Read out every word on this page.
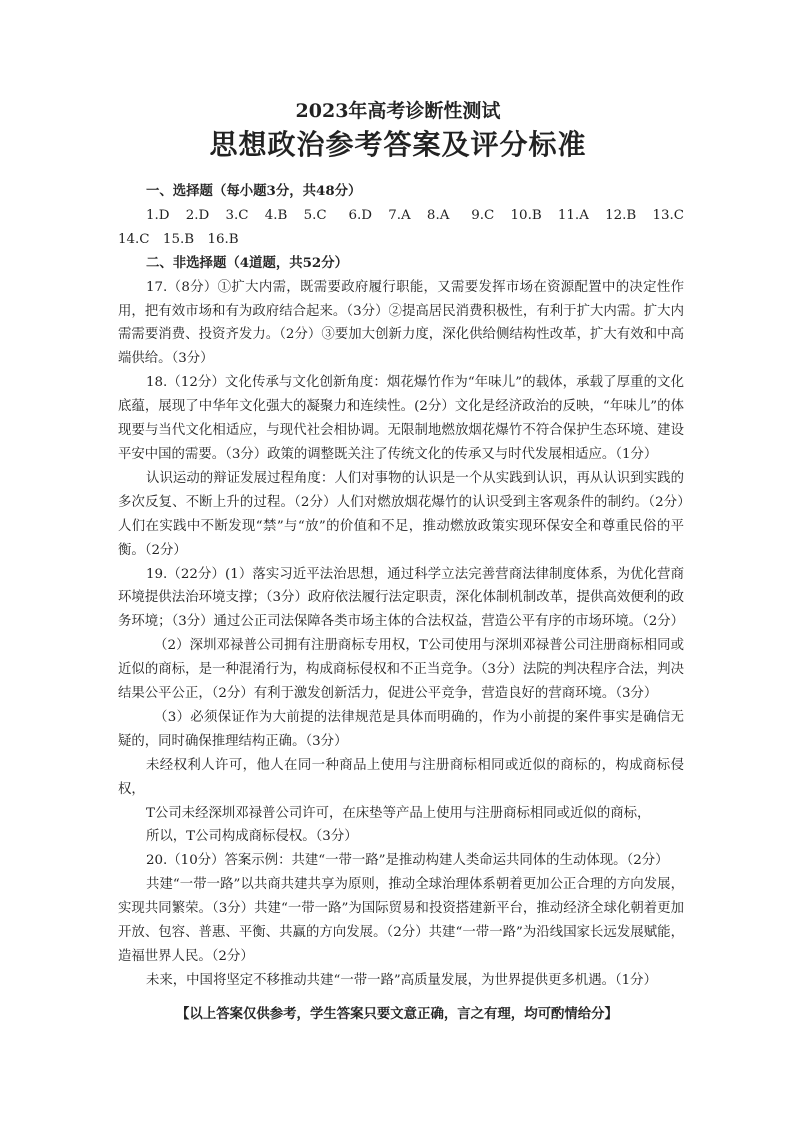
2023年高考诊断性测试
思想政治参考答案及评分标准

一、选择题（每小题3分，共48分）

1.D　2.D　3.C　4.B　5.C　 6.D　7.A　8.A　 9.C　10.B　11.A　12.B　13.C　14.C　15.B　16.B

二、非选择题（4道题，共52分）

17.（8分）①扩大内需，既需要政府履行职能，又需要发挥市场在资源配置中的决定性作用，把有效市场和有为政府结合起来。（3分）②提高居民消费积极性，有利于扩大内需。扩大内需需要消费、投资齐发力。（2分）③要加大创新力度，深化供给侧结构性改革，扩大有效和中高端供给。（3分）

18.（12分）文化传承与文化创新角度：烟花爆竹作为“年味儿”的载体，承载了厚重的文化底蕴，展现了中华年文化强大的凝聚力和连续性。(2分）文化是经济政治的反映，“年味儿”的体现要与当代文化相适应，与现代社会相协调。无限制地燃放烟花爆竹不符合保护生态环境、建设平安中国的需要。（3分）政策的调整既关注了传统文化的传承又与时代发展相适应。（1分）

认识运动的辩证发展过程角度：人们对事物的认识是一个从实践到认识，再从认识到实践的多次反复、不断上升的过程。（2分）人们对燃放烟花爆竹的认识受到主客观条件的制约。（2分）人们在实践中不断发现“禁”与“放”的价值和不足，推动燃放政策实现环保安全和尊重民俗的平衡。（2分）

19.（22分）(1）落实习近平法治思想，通过科学立法完善营商法律制度体系，为优化营商环境提供法治环境支撑；（3分）政府依法履行法定职责，深化体制机制改革，提供高效便利的政务环境；（3分）通过公正司法保障各类市场主体的合法权益，营造公平有序的市场环境。（2分）

（2）深圳邓禄普公司拥有注册商标专用权，T公司使用与深圳邓禄普公司注册商标相同或近似的商标，是一种混淆行为，构成商标侵权和不正当竞争。（3分）法院的判决程序合法，判决结果公平公正，（2分）有利于激发创新活力，促进公平竞争，营造良好的营商环境。（3分）

（3）必须保证作为大前提的法律规范是具体而明确的，作为小前提的案件事实是确信无疑的，同时确保推理结构正确。（3分）

未经权利人许可，他人在同一种商品上使用与注册商标相同或近似的商标的，构成商标侵权，

T公司未经深圳邓禄普公司许可，在床垫等产品上使用与注册商标相同或近似的商标，

所以，T公司构成商标侵权。（3分）

20.（10分）答案示例：共建“一带一路”是推动构建人类命运共同体的生动体现。（2分）

共建“一带一路”以共商共建共享为原则，推动全球治理体系朝着更加公正合理的方向发展，实现共同繁荣。（3分）共建“一带一路”为国际贸易和投资搭建新平台，推动经济全球化朝着更加开放、包容、普惠、平衡、共赢的方向发展。（2分）共建“一带一路”为沿线国家长远发展赋能，造福世界人民。（2分）

未来，中国将坚定不移推动共建“一带一路”高质量发展，为世界提供更多机遇。（1分）

【以上答案仅供参考，学生答案只要文意正确，言之有理，均可酌情给分】
